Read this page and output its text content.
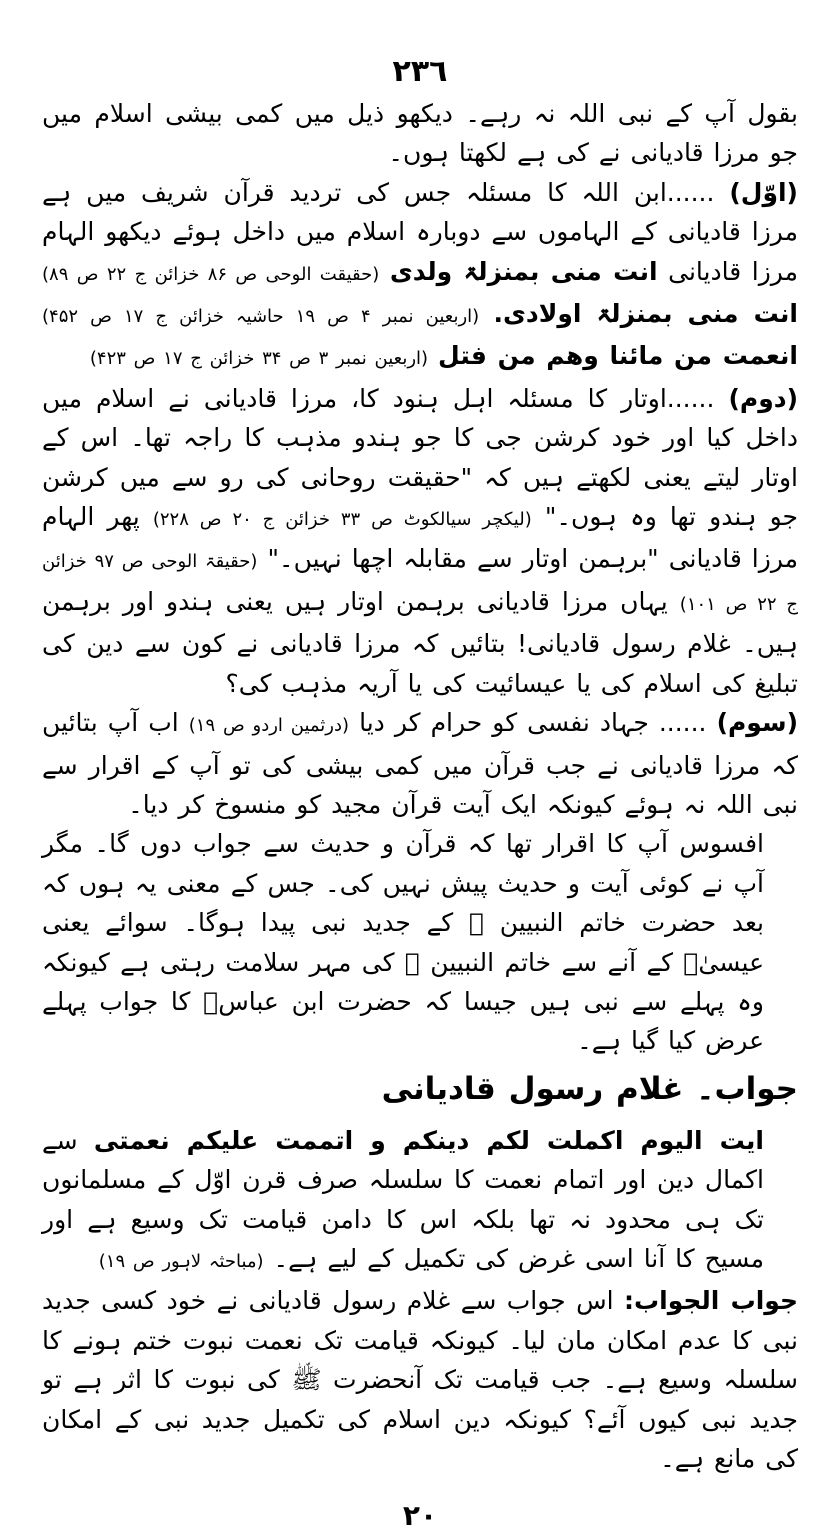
٢٣٦

بقول آپ کے نبی اللہ نہ رہے۔ دیکھو ذیل میں کمی بیشی اسلام میں جو مرزا قادیانی نے کی ہے لکھتا ہوں۔

(اوّل) ......ابن اللہ کا مسئلہ جس کی تردید قرآن شریف میں ہے مرزا قادیانی کے الہاموں سے دوبارہ اسلام میں داخل ہوئے دیکھو الہام مرزا قادیانی انت منی بمنزلۃ ولدی (حقیقت الوحی ص ۸۶ خزائن ج ۲۲ ص ۸۹) انت منی بمنزلۃ اولادی. (اربعین نمبر ۴ ص ۱۹ حاشیہ خزائن ج ۱۷ ص ۴۵۲) انعمت من مائنا وھم من فتل (اربعین نمبر ۳ ص ۳۴ خزائن ج ۱۷ ص ۴۲۳)

(دوم) ......اوتار کا مسئلہ اہل ہنود کا، مرزا قادیانی نے اسلام میں داخل کیا اور خود کرشن جی کا جو ہندو مذہب کا راجہ تھا۔ اس کے اوتار لیتے یعنی لکھتے ہیں کہ "حقیقت روحانی کی رو سے میں کرشن جو ہندو تھا وہ ہوں۔" (لیکچر سیالکوٹ ص ۳۳ خزائن ج ۲۰ ص ۲۲۸) پھر الہام مرزا قادیانی "برہمن اوتار سے مقابلہ اچھا نہیں۔" (حقیقۃ الوحی ص ۹۷ خزائن ج ۲۲ ص ۱۰۱) یہاں مرزا قادیانی برہمن اوتار ہیں یعنی ہندو اور برہمن ہیں۔ غلام رسول قادیانی! بتائیں کہ مرزا قادیانی نے کون سے دین کی تبلیغ کی اسلام کی یا عیسائیت کی یا آریہ مذہب کی؟

(سوم) ...... جہاد نفسی کو حرام کر دیا (درثمین اردو ص ۱۹) اب آپ بتائیں کہ مرزا قادیانی نے جب قرآن میں کمی بیشی کی تو آپ کے اقرار سے نبی اللہ نہ ہوئے کیونکہ ایک آیت قرآن مجید کو منسوخ کر دیا۔

افسوس آپ کا اقرار تھا کہ قرآن و حدیث سے جواب دوں گا۔ مگر آپ نے کوئی آیت و حدیث پیش نہیں کی۔ جس کے معنی یہ ہوں کہ بعد حضرت خاتم النبیین ﷺ کے جدید نبی پیدا ہوگا۔ سوائے یعنی عیسیٰؑ کے آنے سے خاتم النبیین ﷺ کی مہر سلامت رہتی ہے کیونکہ وہ پہلے سے نبی ہیں جیسا کہ حضرت ابن عباسؓ کا جواب پہلے عرض کیا گیا ہے۔

جواب۔ غلام رسول قادیانی

ایت الیوم اکملت لکم دینکم و اتممت علیکم نعمتی سے اکمال دین اور اتمام نعمت کا سلسلہ صرف قرن اوّل کے مسلمانوں تک ہی محدود نہ تھا بلکہ اس کا دامن قیامت تک وسیع ہے اور مسیح کا آنا اسی غرض کی تکمیل کے لیے ہے۔ (مباحثہ لاہور ص ۱۹)

جواب الجواب: اس جواب سے غلام رسول قادیانی نے خود کسی جدید نبی کا عدم امکان مان لیا۔ کیونکہ قیامت تک نعمت نبوت ختم ہونے کا سلسلہ وسیع ہے۔ جب قیامت تک آنحضرت ﷺ کی نبوت کا اثر ہے تو جدید نبی کیوں آئے؟ کیونکہ دین اسلام کی تکمیل جدید نبی کے امکان کی مانع ہے۔

٢٠
